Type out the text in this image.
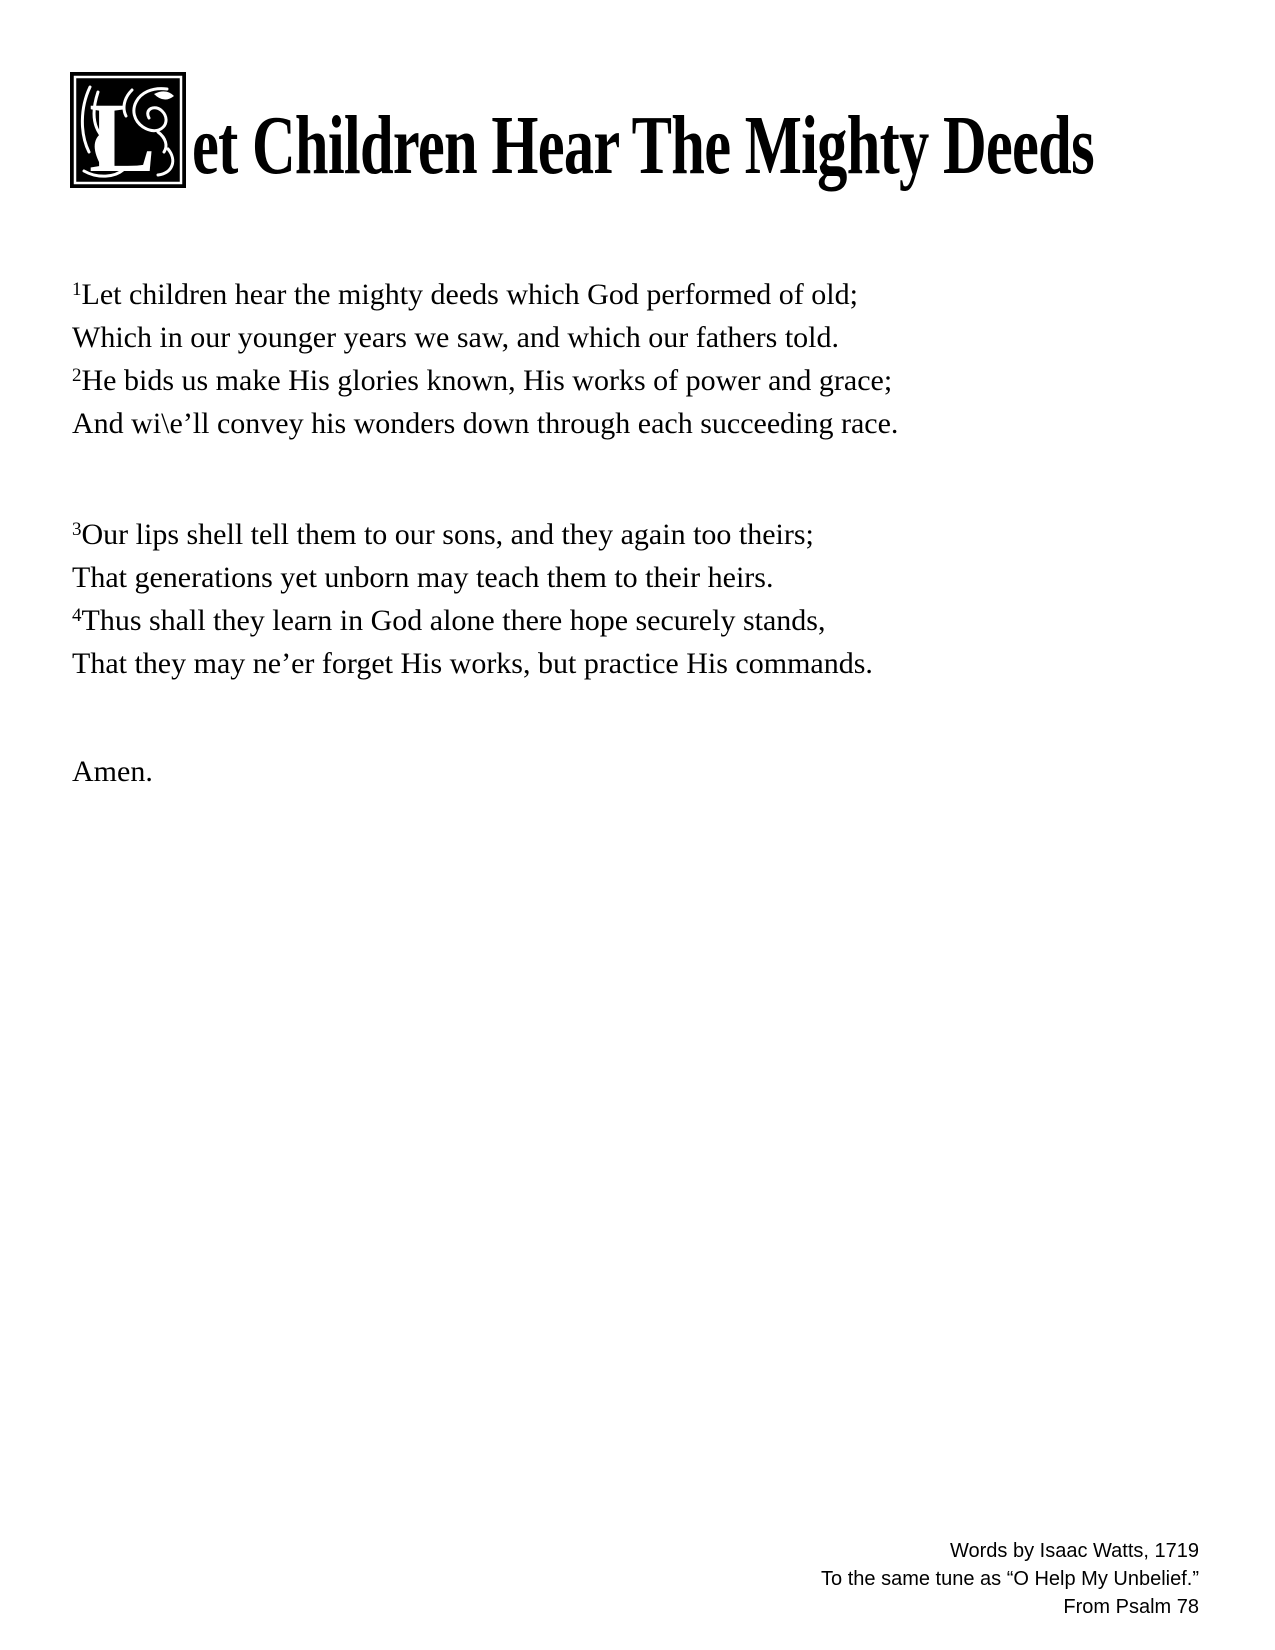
L et Children Hear The Mighty Deeds
$^1$Let children hear the mighty deeds which God performed of old;
Which in our younger years we saw, and which our fathers told.
$^2$He bids us make His glories known, His works of power and grace;
And wi\e’ll convey his wonders down through each succeeding race.
$^3$Our lips shell tell them to our sons, and they again too theirs;
That generations yet unborn may teach them to their heirs.
$^4$Thus shall they learn in God alone there hope securely stands,
That they may ne’er forget His works, but practice His commands.
Amen.
Words by Isaac Watts, 1719
To the same tune as “O Help My Unbelief.”
From Psalm 78
